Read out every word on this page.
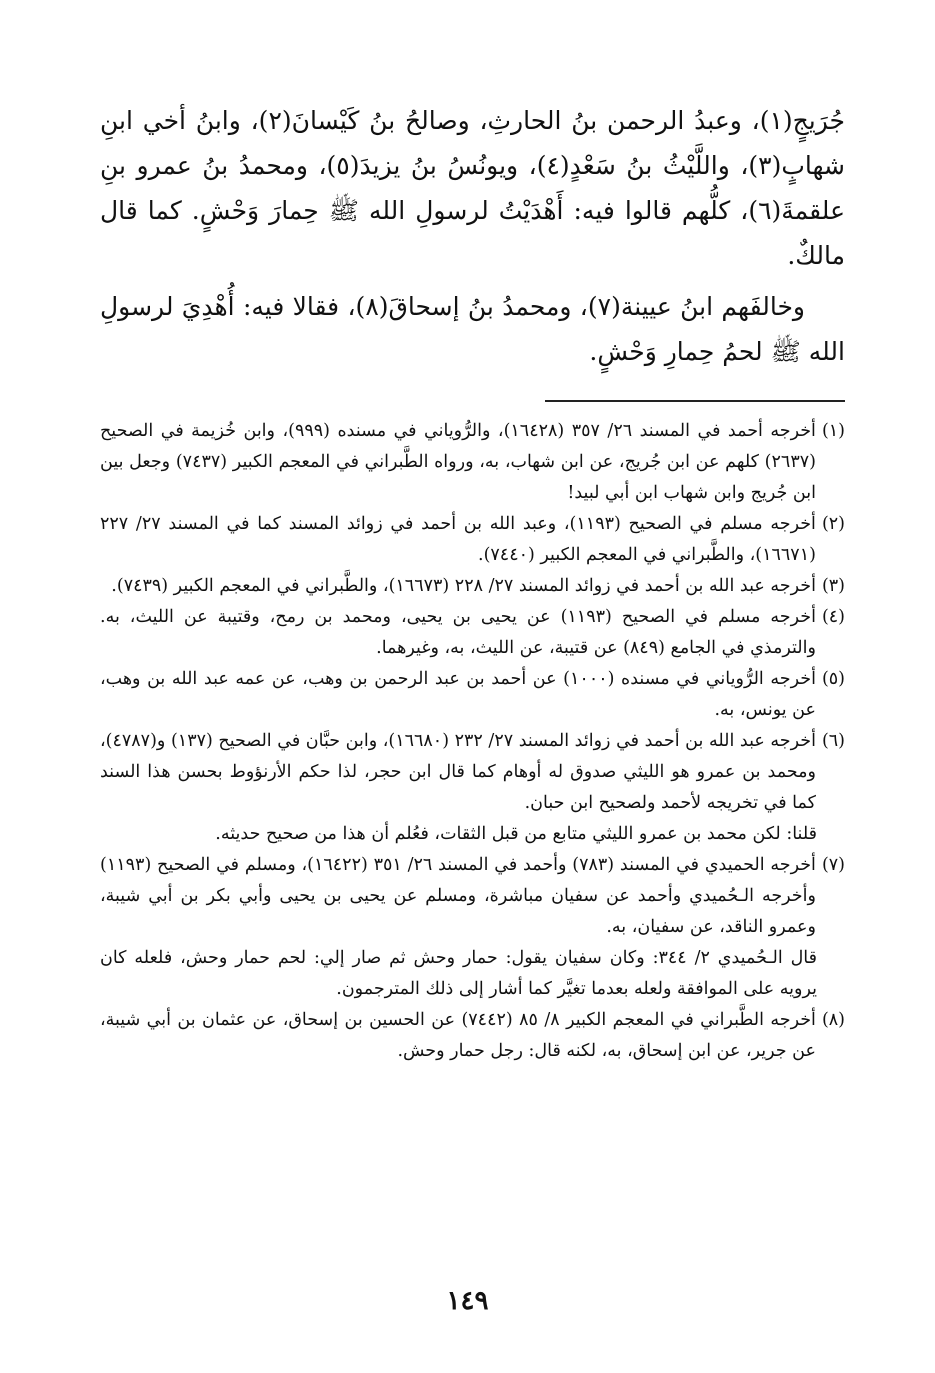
جُرَيجٍ(١)، وعبدُ الرحمن بنُ الحارثِ، وصالحُ بنُ كَيْسانَ(٢)، وابنُ أخي ابنِ شهابٍ(٣)، واللَّيْثُ بنُ سَعْدٍ(٤)، ويونُسُ بنُ يزيدَ(٥)، ومحمدُ بنُ عمرو بنِ علقمةَ(٦)، كلُّهم قالوا فيه: أَهْدَيْتُ لرسولِ الله ﷺ حِمارَ وَحْشٍ. كما قال مالكٌ.

وخالفَهم ابنُ عيينة(٧)، ومحمدُ بنُ إسحاقَ(٨)، فقالا فيه: أُهْدِيَ لرسولِ الله ﷺ لحمُ حِمارِ وَحْشٍ.

(١)

أخرجه أحمد في المسند ٢٦/ ٣٥٧ (١٦٤٢٨)، والرُّوياني في مسنده (٩٩٩)، وابن خُزيمة في الصحيح (٢٦٣٧) كلهم عن ابن جُريج، عن ابن شهاب، به، ورواه الطَّبراني في المعجم الكبير (٧٤٣٧) وجعل بين ابن جُريج وابن شهاب ابن أبي لبيد!

(٢)

أخرجه مسلم في الصحيح (١١٩٣)، وعبد الله بن أحمد في زوائد المسند كما في المسند ٢٧/ ٢٢٧ (١٦٦٧١)، والطَّبراني في المعجم الكبير (٧٤٤٠).

(٣)

أخرجه عبد الله بن أحمد في زوائد المسند ٢٧/ ٢٢٨ (١٦٦٧٣)، والطَّبراني في المعجم الكبير (٧٤٣٩).

(٤)

أخرجه مسلم في الصحيح (١١٩٣) عن يحيى بن يحيى، ومحمد بن رمح، وقتيبة عن الليث، به. والترمذي في الجامع (٨٤٩) عن قتيبة، عن الليث، به، وغيرهما.

(٥)

أخرجه الرُّوياني في مسنده (١٠٠٠) عن أحمد بن عبد الرحمن بن وهب، عن عمه عبد الله بن وهب، عن يونس، به.

(٦)

أخرجه عبد الله بن أحمد في زوائد المسند ٢٧/ ٢٣٢ (١٦٦٨٠)، وابن حبَّان في الصحيح (١٣٧) و(٤٧٨٧)، ومحمد بن عمرو هو الليثي صدوق له أوهام كما قال ابن حجر، لذا حكم الأرنؤوط بحسن هذا السند كما في تخريجه لأحمد ولصحيح ابن حبان.

قلنا: لكن محمد بن عمرو الليثي متابع من قبل الثقات، فعُلم أن هذا من صحيح حديثه.

(٧)

أخرجه الحميدي في المسند (٧٨٣) وأحمد في المسند ٢٦/ ٣٥١ (١٦٤٢٢)، ومسلم في الصحيح (١١٩٣) وأخرجه الـحُميدي وأحمد عن سفيان مباشرة، ومسلم عن يحيى بن يحيى وأبي بكر بن أبي شيبة، وعمرو الناقد، عن سفيان، به.

قال الـحُميدي ٢/ ٣٤٤: وكان سفيان يقول: حمار وحش ثم صار إلي: لحم حمار وحش، فلعله كان يرويه على الموافقة ولعله بعدما تغيَّر كما أشار إلى ذلك المترجمون.

(٨)

أخرجه الطَّبراني في المعجم الكبير ٨/ ٨٥ (٧٤٤٢) عن الحسين بن إسحاق، عن عثمان بن أبي شيبة، عن جرير، عن ابن إسحاق، به، لكنه قال: رجل حمار وحش.

١٤٩
